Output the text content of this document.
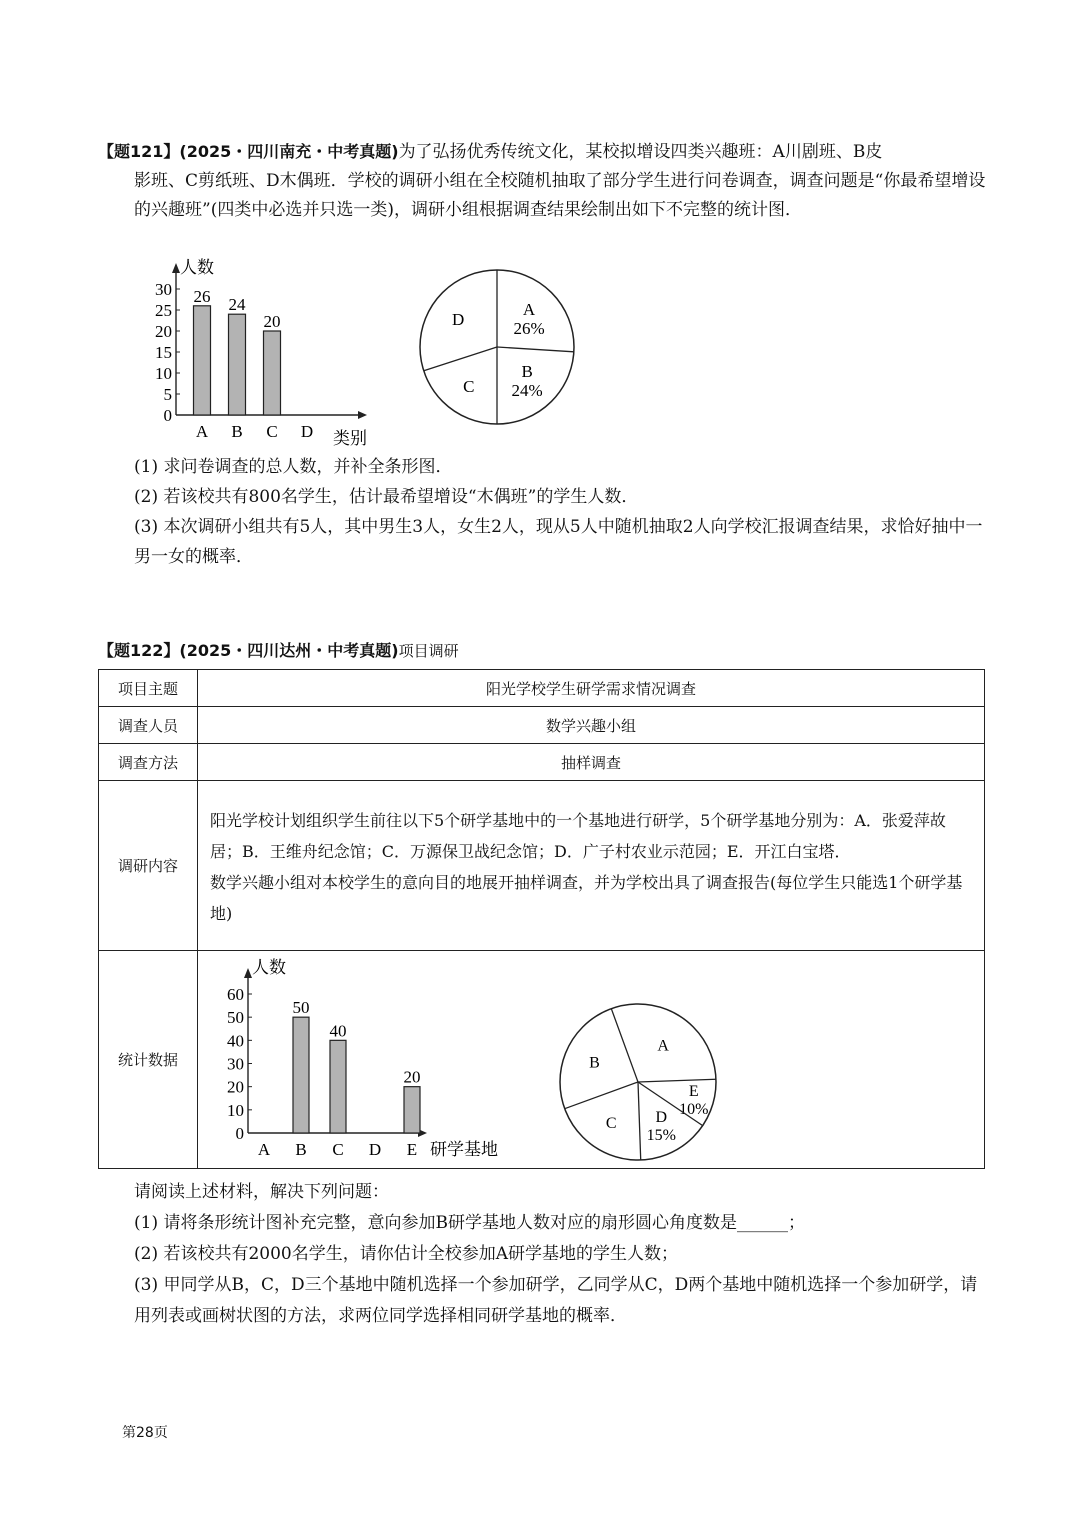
【题121】(2025・四川南充・中考真题)为了弘扬优秀传统文化，某校拟增设四类兴趣班：A川剧班、B皮
影班、C剪纸班、D木偶班．学校的调研小组在全校随机抽取了部分学生进行问卷调查，调查问题是“你最希望增设的兴趣班”(四类中必选并只选一类)，调研小组根据调查结果绘制出如下不完整的统计图．
人数
类别
0
5
10
15
20
25
30
A
26
B
24
C
20
D
A
26%
B
24%
C
D

(1) 求问卷调查的总人数，并补全条形图．

(2) 若该校共有800名学生，估计最希望增设“木偶班”的学生人数．

(3) 本次调研小组共有5人，其中男生3人，女生2人，现从5人中随机抽取2人向学校汇报调查结果，求恰好抽中一男一女的概率．

【题122】(2025・四川达州・中考真题)项目调研
项目主题	阳光学校学生研学需求情况调查
调查人员	数学兴趣小组
调查方法	抽样调查
调研内容	阳光学校计划组织学生前往以下5个研学基地中的一个基地进行研学，5个研学基地分别为：A．张爱萍故居；B．王维舟纪念馆；C．万源保卫战纪念馆；D．广子村农业示范园；E．开江白宝塔．
数学兴趣小组对本校学生的意向目的地展开抽样调查，并为学校出具了调查报告(每位学生只能选1个研学基地)

统计数据	
人数
研学基地
0
10
20
30
40
50
60
A B
50
C
40
D E
20
A
E
10%
D
15%
C
B

请阅读上述材料，解决下列问题：

(1) 请将条形统计图补充完整，意向参加B研学基地人数对应的扇形圆心角度数是______；

(2) 若该校共有2000名学生，请你估计全校参加A研学基地的学生人数；

(3) 甲同学从B，C，D三个基地中随机选择一个参加研学，乙同学从C，D两个基地中随机选择一个参加研学，请用列表或画树状图的方法，求两位同学选择相同研学基地的概率．

第28页
